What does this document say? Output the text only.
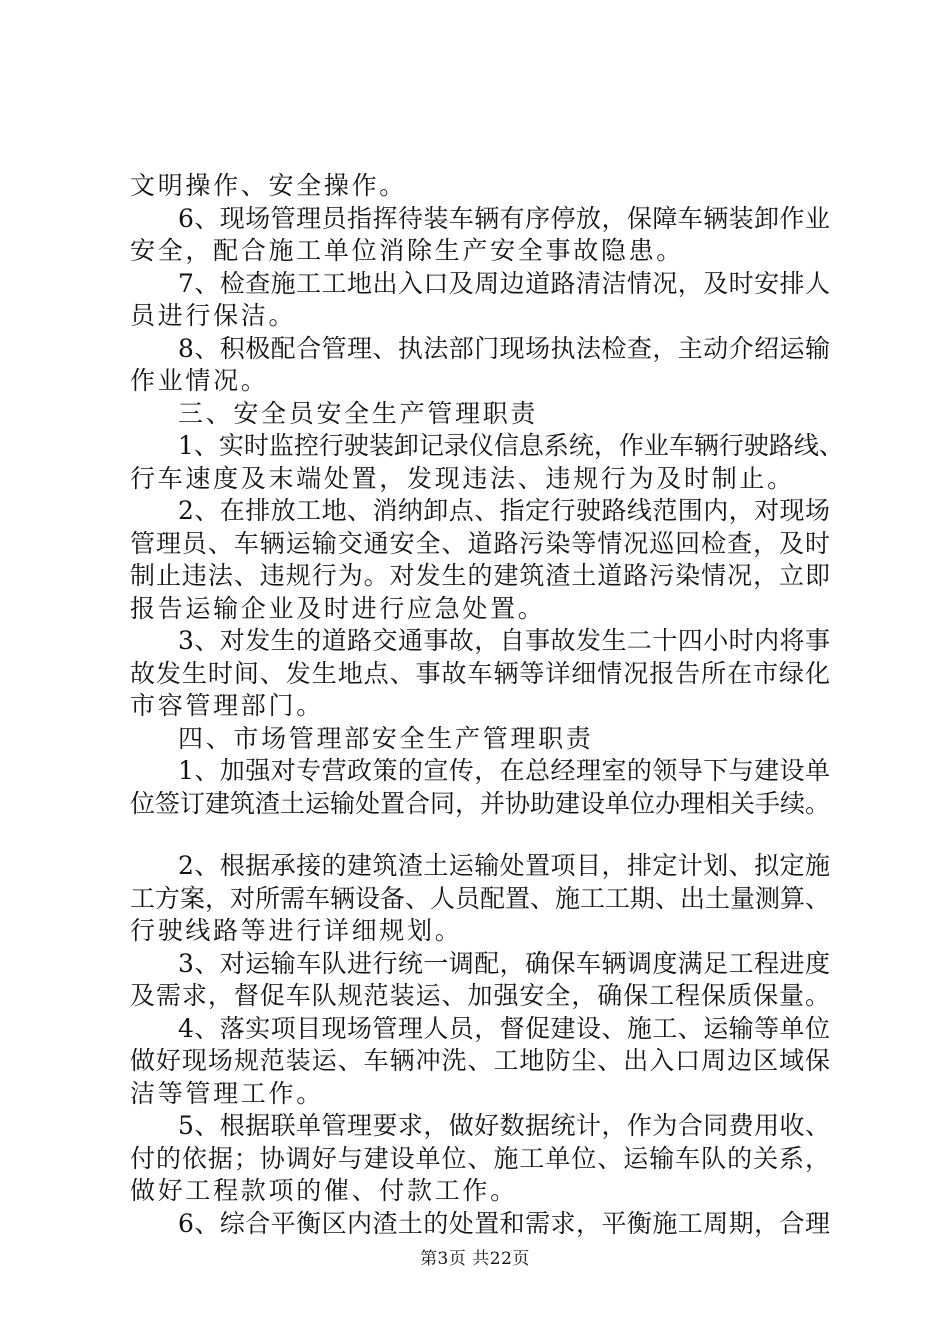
文明操作、安全操作。
6、现场管理员指挥待装车辆有序停放，保障车辆装卸作业
安全，配合施工单位消除生产安全事故隐患。
7、检查施工工地出入口及周边道路清洁情况，及时安排人
员进行保洁。
8、积极配合管理、执法部门现场执法检查，主动介绍运输
作业情况。
三、安全员安全生产管理职责
1、实时监控行驶装卸记录仪信息系统，作业车辆行驶路线、
行车速度及末端处置，发现违法、违规行为及时制止。
2、在排放工地、消纳卸点、指定行驶路线范围内，对现场
管理员、车辆运输交通安全、道路污染等情况巡回检查，及时
制止违法、违规行为。对发生的建筑渣土道路污染情况，立即
报告运输企业及时进行应急处置。
3、对发生的道路交通事故，自事故发生二十四小时内将事
故发生时间、发生地点、事故车辆等详细情况报告所在市绿化
市容管理部门。
四、市场管理部安全生产管理职责
1、加强对专营政策的宣传，在总经理室的领导下与建设单
位签订建筑渣土运输处置合同，并协助建设单位办理相关手续。
2、根据承接的建筑渣土运输处置项目，排定计划、拟定施
工方案，对所需车辆设备、人员配置、施工工期、出土量测算、
行驶线路等进行详细规划。
3、对运输车队进行统一调配，确保车辆调度满足工程进度
及需求，督促车队规范装运、加强安全，确保工程保质保量。
4、落实项目现场管理人员，督促建设、施工、运输等单位
做好现场规范装运、车辆冲洗、工地防尘、出入口周边区域保
洁等管理工作。
5、根据联单管理要求，做好数据统计，作为合同费用收、
付的依据；协调好与建设单位、施工单位、运输车队的关系，
做好工程款项的催、付款工作。
6、综合平衡区内渣土的处置和需求，平衡施工周期，合理
第3页 共22页
